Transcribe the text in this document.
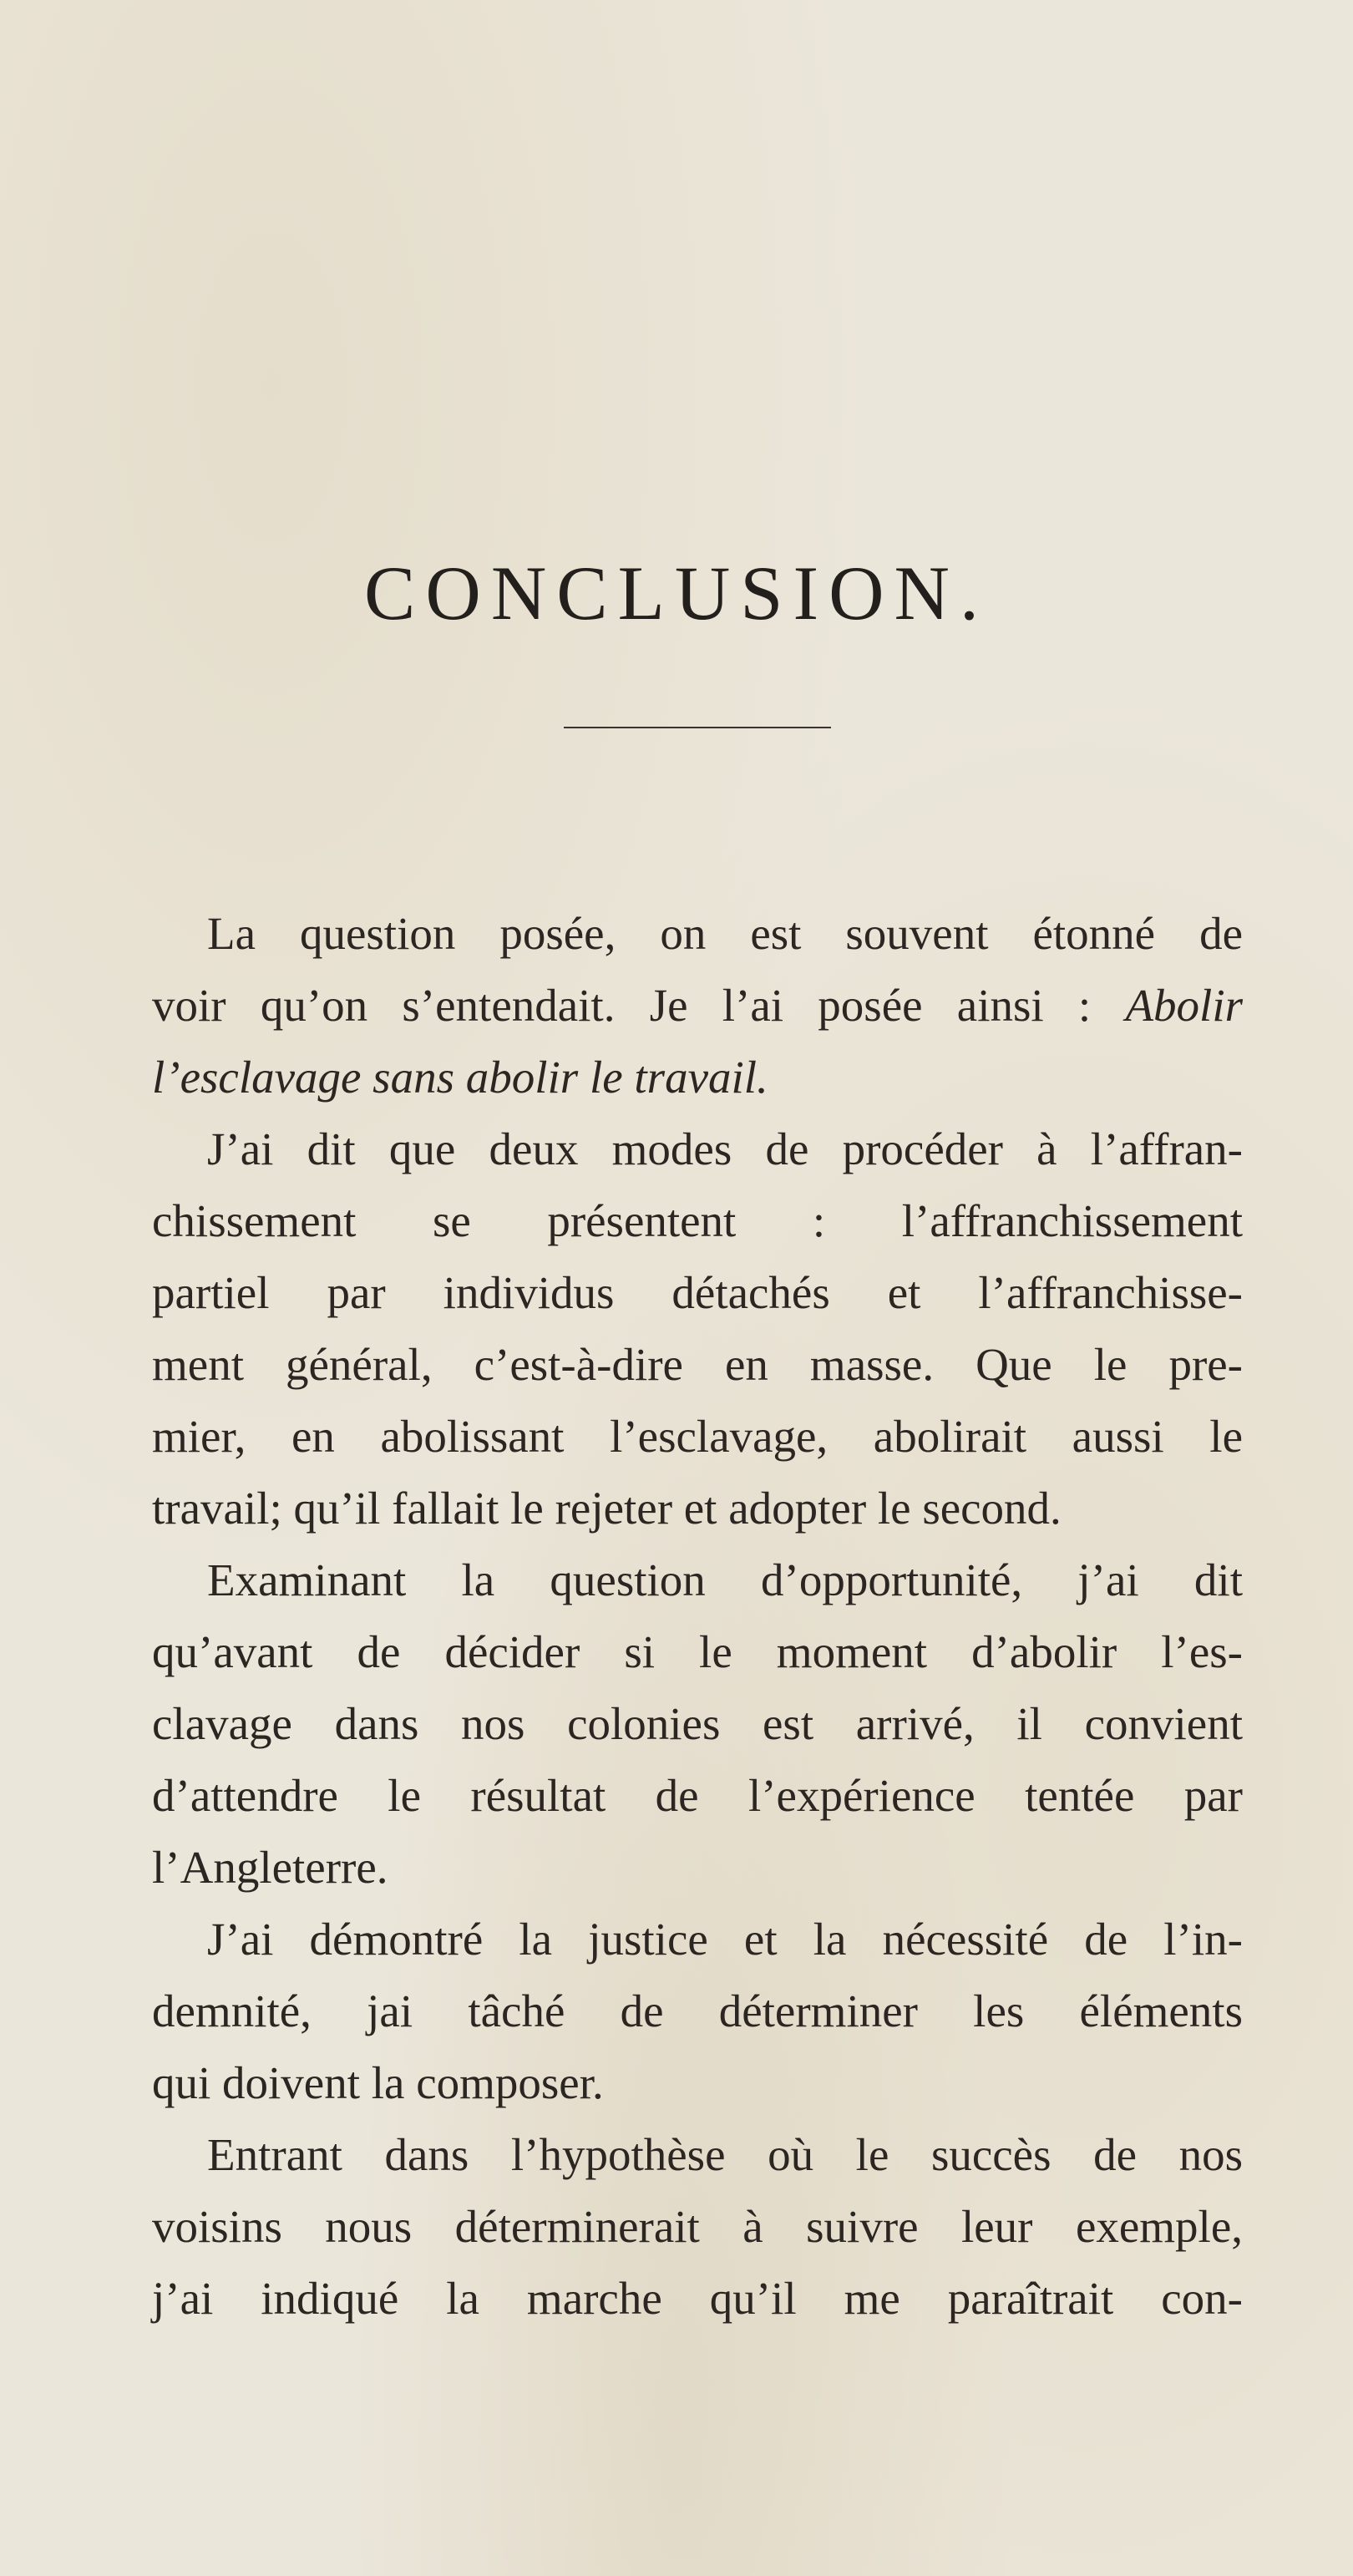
CONCLUSION.
La question posée, on est souvent étonné de
voir qu’on s’entendait. Je l’ai posée ainsi : Abolir
l’esclavage sans abolir le travail.
J’ai dit que deux modes de procéder à l’affran-
chissement se présentent : l’affranchissement
partiel par individus détachés et l’affranchisse-
ment général, c’est-à-dire en masse. Que le pre-
mier, en abolissant l’esclavage, abolirait aussi le
travail; qu’il fallait le rejeter et adopter le second.
Examinant la question d’opportunité, j’ai dit
qu’avant de décider si le moment d’abolir l’es-
clavage dans nos colonies est arrivé, il convient
d’attendre le résultat de l’expérience tentée par
l’Angleterre.
J’ai démontré la justice et la nécessité de l’in-
demnité, jai tâché de déterminer les éléments
qui doivent la composer.
Entrant dans l’hypothèse où le succès de nos
voisins nous déterminerait à suivre leur exemple,
j’ai indiqué la marche qu’il me paraîtrait con-
